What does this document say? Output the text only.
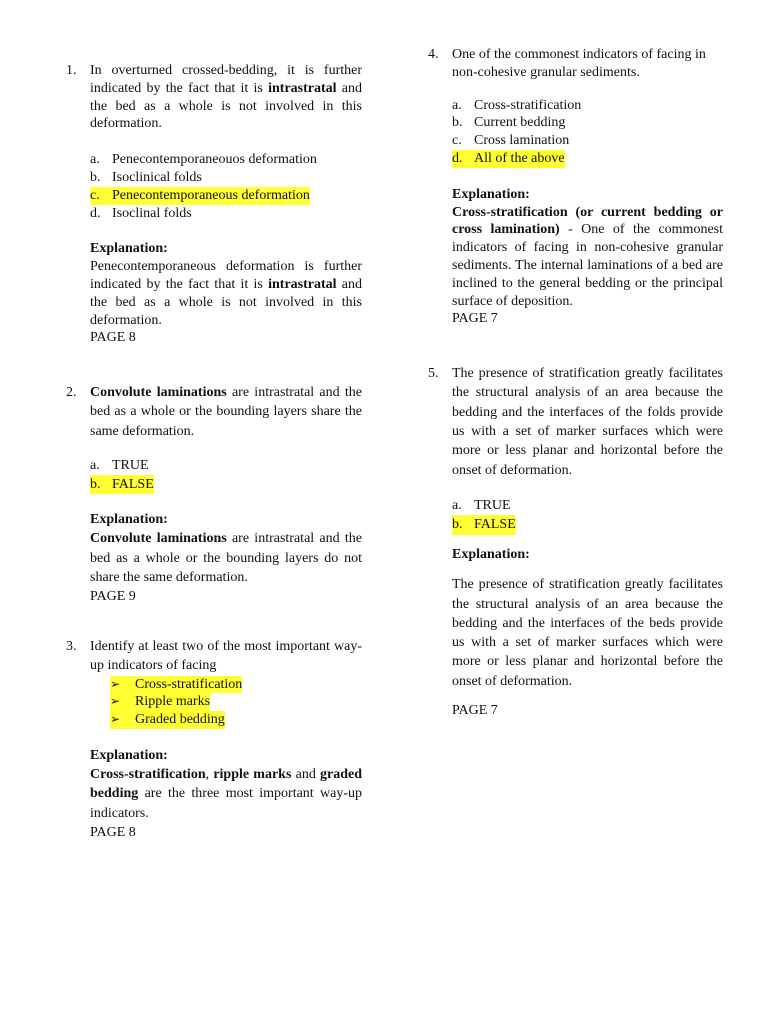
1. In overturned crossed-bedding, it is further indicated by the fact that it is intrastratal and the bed as a whole is not involved in this deformation.

a. Penecontemporaneouos deformation
b. Isoclinical folds
c. Penecontemporaneous deformation
d. Isoclinal folds

Explanation:

Penecontemporaneous deformation is further indicated by the fact that it is intrastratal and the bed as a whole is not involved in this deformation.

PAGE 8

2. Convolute laminations are intrastratal and the bed as a whole or the bounding layers share the same deformation.

a. TRUE
b. FALSE

Explanation:

Convolute laminations are intrastratal and the bed as a whole or the bounding layers do not share the same deformation.

PAGE 9

3. Identify at least two of the most important way-up indicators of facing

➢	Cross-stratification
➢	Ripple marks
➢	Graded bedding

Explanation:

Cross-stratification, ripple marks and graded bedding are the three most important way-up indicators.

PAGE 8

4. One of the commonest indicators of facing in non-cohesive granular sediments.

a. Cross-stratification
b. Current bedding
c. Cross lamination
d. All of the above

Explanation:

Cross-stratification (or current bedding or cross lamination) - One of the commonest indicators of facing in non-cohesive granular sediments. The internal laminations of a bed are inclined to the general bedding or the principal surface of deposition.

PAGE 7

5. The presence of stratification greatly facilitates the structural analysis of an area because the bedding and the interfaces of the folds provide us with a set of marker surfaces which were more or less planar and horizontal before the onset of deformation.

a. TRUE
b. FALSE

Explanation:

The presence of stratification greatly facilitates the structural analysis of an area because the bedding and the interfaces of the beds provide us with a set of marker surfaces which were more or less planar and horizontal before the onset of deformation.

PAGE 7
